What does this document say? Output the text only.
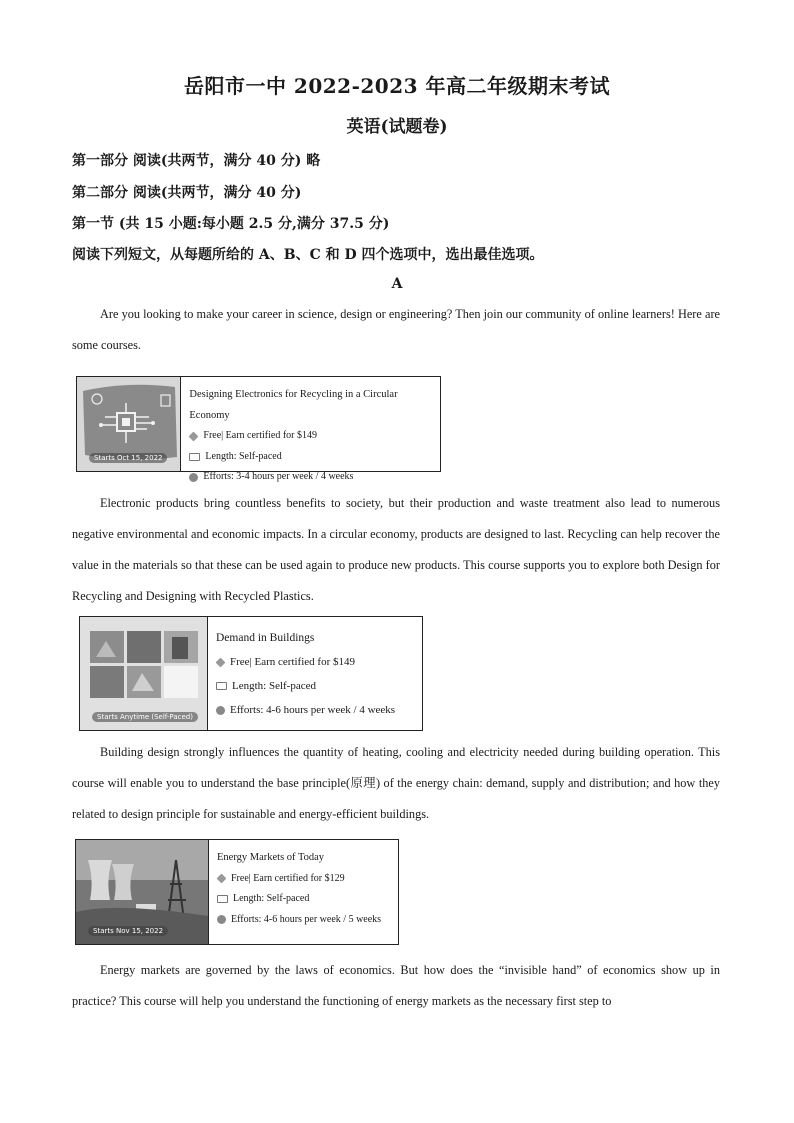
岳阳市一中 2022-2023 年高二年级期末考试
英语(试题卷)
第一部分 阅读(共两节，满分 40 分) 略
第二部分 阅读(共两节，满分 40 分)
第一节 (共 15 小题:每小题 2.5 分,满分 37.5 分)
阅读下列短文，从每题所给的 A、B、C 和 D 四个选项中，选出最佳选项。
A
Are you looking to make your career in science, design or engineering? Then join our community of online learners! Here are some courses.
Starts Oct 15, 2022
Designing Electronics for Recycling in a Circular Economy
Free| Earn certified for $149
Length: Self-paced
Efforts: 3-4 hours per week / 4 weeks
Electronic products bring countless benefits to society, but their production and waste treatment also lead to numerous negative environmental and economic impacts. In a circular economy, products are designed to last. Recycling can help recover the value in the materials so that these can be used again to produce new products. This course supports you to explore both Design for Recycling and Designing with Recycled Plastics.
Starts Anytime (Self-Paced)
Demand in Buildings
Free| Earn certified for $149
Length: Self-paced
Efforts: 4-6 hours per week / 4 weeks
Building design strongly influences the quantity of heating, cooling and electricity needed during building operation. This course will enable you to understand the base principle(原理) of the energy chain: demand, supply and distribution; and how they related to design principle for sustainable and energy-efficient buildings.
Starts Nov 15, 2022
Energy Markets of Today
Free| Earn certified for $129
Length: Self-paced
Efforts: 4-6 hours per week / 5 weeks
Energy markets are governed by the laws of economics. But how does the “invisible hand” of economics show up in practice? This course will help you understand the functioning of energy markets as the necessary first step to
